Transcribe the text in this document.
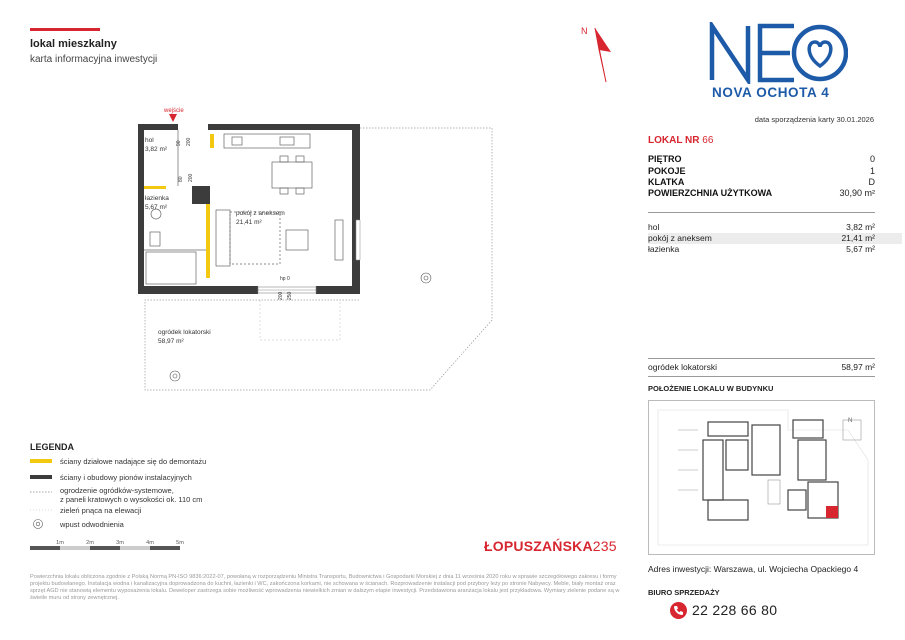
lokal mieszkalny
karta informacyjna inwestycji
N
NOVA OCHOTA 4
data sporządzenia karty 30.01.2026
LOKAL NR 66
PIĘTRO	0
POKOJE	1
KLATKA	D
POWIERZCHNIA UŻYTKOWA	30,90 m²
hol	3,82 m²
pokój z aneksem	21,41 m²
łazienka	5,67 m²
ogródek lokatorski	58,97 m²
POŁOŻENIE LOKALU W BUDYNKU
N
Adres inwestycji: Warszawa, ul. Wojciecha Opackiego 4
BIURO SPRZEDAŻY
22 228 66 80
wejście
hol
3,82 m²
łazienka
5,67 m²
pokój z aneksem
21,41 m²
ogródek lokatorski
58,97 m²
hp 0
90 200
80 200
200 250
LEGENDA
ściany działowe nadające się do demontażu
ściany i obudowy pionów instalacyjnych
ogrodzenie ogródków-systemowe,
z paneli kratowych o wysokości ok. 110 cm
zieleń pnąca na elewacji
wpust odwodnienia
1m	2m	3m	4m	5m	ŁOPUSZAŃSKA235
Powierzchnia lokalu obliczona zgodnie z Polską Normą PN-ISO 9836:2022-07, powołaną w rozporządzeniu Ministra Transportu, Budownictwa i Gospodarki Morskiej z dnia 11 września 2020 roku w sprawie szczegółowego zakresu i formy projektu budowlanego. Instalacja wodna i kanalizacyjna doprowadzona do kuchni, łazienki i WC, zakończona korkami, nie schowana w ścianach. Rozprowadzenie instalacji pod przybory leży po stronie Nabywcy. Meble, biały montaż oraz sprzęt AGD nie stanowią elementu wyposażenia lokalu. Deweloper zastrzega sobie możliwość wprowadzenia niewielkich zmian w dalszym etapie inwestycji. Przedstawiona aranżacja lokalu jest przykładowa. Wymiary zielenie podane są w świetle muru od strony zewnętrznej.
